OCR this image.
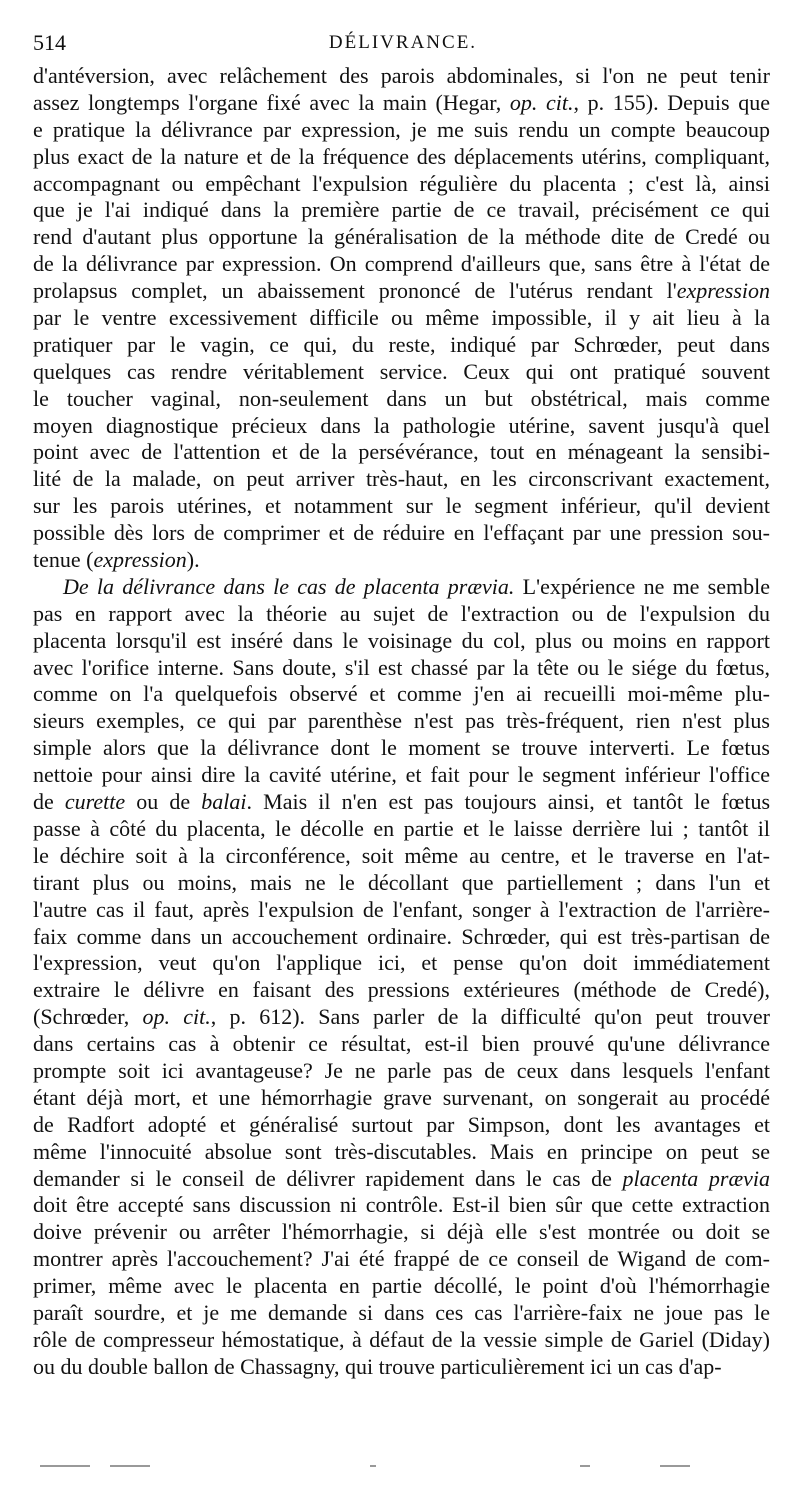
514	DÉLIVRANCE.
d'antéversion, avec relâchement des parois abdominales, si l'on ne peut tenir
assez longtemps l'organe fixé avec la main (Hegar, op. cit., p. 155). Depuis que
e pratique la délivrance par expression, je me suis rendu un compte beaucoup
plus exact de la nature et de la fréquence des déplacements utérins, compliquant,
accompagnant ou empêchant l'expulsion régulière du placenta ; c'est là, ainsi
que je l'ai indiqué dans la première partie de ce travail, précisément ce qui
rend d'autant plus opportune la généralisation de la méthode dite de Credé ou
de la délivrance par expression. On comprend d'ailleurs que, sans être à l'état de
prolapsus complet, un abaissement prononcé de l'utérus rendant l'expression
par le ventre excessivement difficile ou même impossible, il y ait lieu à la
pratiquer par le vagin, ce qui, du reste, indiqué par Schrœder, peut dans
quelques cas rendre véritablement service. Ceux qui ont pratiqué souvent
le toucher vaginal, non-seulement dans un but obstétrical, mais comme
moyen diagnostique précieux dans la pathologie utérine, savent jusqu'à quel
point avec de l'attention et de la persévérance, tout en ménageant la sensibi-
lité de la malade, on peut arriver très-haut, en les circonscrivant exactement,
sur les parois utérines, et notamment sur le segment inférieur, qu'il devient
possible dès lors de comprimer et de réduire en l'effaçant par une pression sou-
tenue (expression).
De la délivrance dans le cas de placenta prævia. L'expérience ne me semble
pas en rapport avec la théorie au sujet de l'extraction ou de l'expulsion du
placenta lorsqu'il est inséré dans le voisinage du col, plus ou moins en rapport
avec l'orifice interne. Sans doute, s'il est chassé par la tête ou le siége du fœtus,
comme on l'a quelquefois observé et comme j'en ai recueilli moi-même plu-
sieurs exemples, ce qui par parenthèse n'est pas très-fréquent, rien n'est plus
simple alors que la délivrance dont le moment se trouve interverti. Le fœtus
nettoie pour ainsi dire la cavité utérine, et fait pour le segment inférieur l'office
de curette ou de balai. Mais il n'en est pas toujours ainsi, et tantôt le fœtus
passe à côté du placenta, le décolle en partie et le laisse derrière lui ; tantôt il
le déchire soit à la circonférence, soit même au centre, et le traverse en l'at-
tirant plus ou moins, mais ne le décollant que partiellement ; dans l'un et
l'autre cas il faut, après l'expulsion de l'enfant, songer à l'extraction de l'arrière-
faix comme dans un accouchement ordinaire. Schrœder, qui est très-partisan de
l'expression, veut qu'on l'applique ici, et pense qu'on doit immédiatement
extraire le délivre en faisant des pressions extérieures (méthode de Credé),
(Schrœder, op. cit., p. 612). Sans parler de la difficulté qu'on peut trouver
dans certains cas à obtenir ce résultat, est-il bien prouvé qu'une délivrance
prompte soit ici avantageuse? Je ne parle pas de ceux dans lesquels l'enfant
étant déjà mort, et une hémorrhagie grave survenant, on songerait au procédé
de Radfort adopté et généralisé surtout par Simpson, dont les avantages et
même l'innocuité absolue sont très-discutables. Mais en principe on peut se
demander si le conseil de délivrer rapidement dans le cas de placenta prævia
doit être accepté sans discussion ni contrôle. Est-il bien sûr que cette extraction
doive prévenir ou arrêter l'hémorrhagie, si déjà elle s'est montrée ou doit se
montrer après l'accouchement? J'ai été frappé de ce conseil de Wigand de com-
primer, même avec le placenta en partie décollé, le point d'où l'hémorrhagie
paraît sourdre, et je me demande si dans ces cas l'arrière-faix ne joue pas le
rôle de compresseur hémostatique, à défaut de la vessie simple de Gariel (Diday)
ou du double ballon de Chassagny, qui trouve particulièrement ici un cas d'ap-
